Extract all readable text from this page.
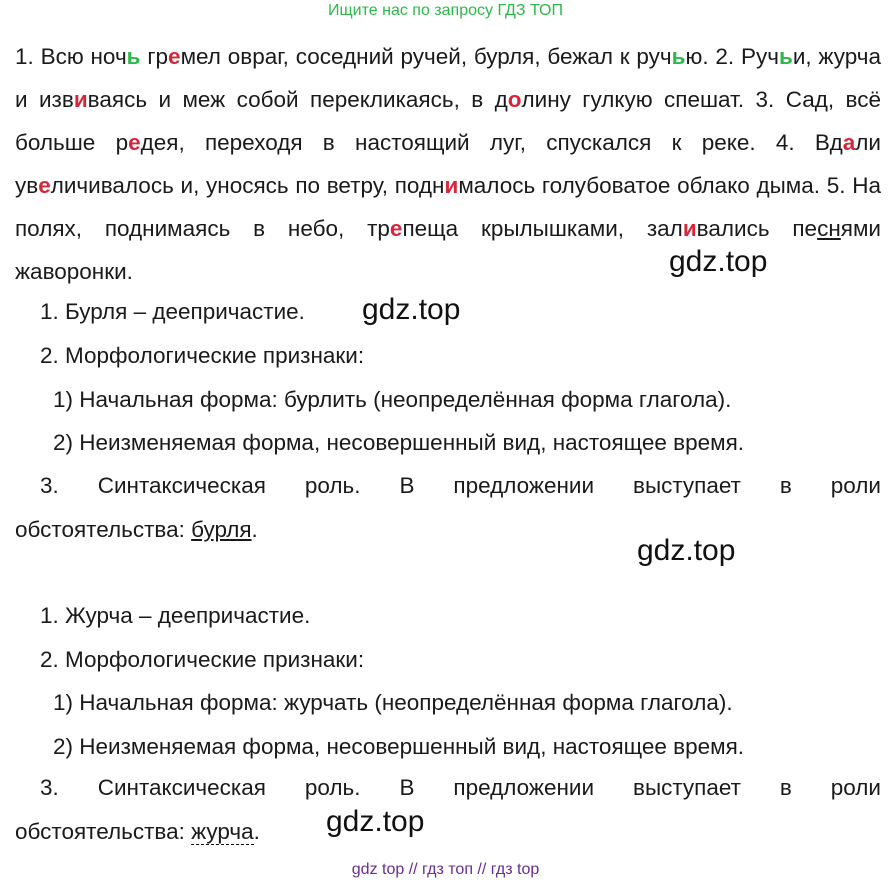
Ищите нас по запросу ГДЗ ТОП
1. Всю ночь гремел овраг, соседний ручей, бурля, бежал к ручью. 2. Ручьи, журча и извиваясь и меж собой перекликаясь, в долину гулкую спешат. 3. Сад, всё больше редея, переходя в настоящий луг, спускался к реке. 4. Вдали увеличивалось и, уносясь по ветру, поднималось голубоватое облако дыма. 5. На полях, поднимаясь в небо, трепеща крылышками, заливались песнями жаворонки.
1. Бурля – деепричастие.
2. Морфологические признаки:
1) Начальная форма: бурлить (неопределённая форма глагола).
2) Неизменяемая форма, несовершенный вид, настоящее время.
3. Синтаксическая роль. В предложении выступает в роли
обстоятельства: бурля.
1. Журча – деепричастие.
2. Морфологические признаки:
1) Начальная форма: журчать (неопределённая форма глагола).
2) Неизменяемая форма, несовершенный вид, настоящее время.
3. Синтаксическая роль. В предложении выступает в роли
обстоятельства: журча.
gdz.top
gdz.top
gdz.top
gdz.top
gdz top // гдз топ // гдз top
